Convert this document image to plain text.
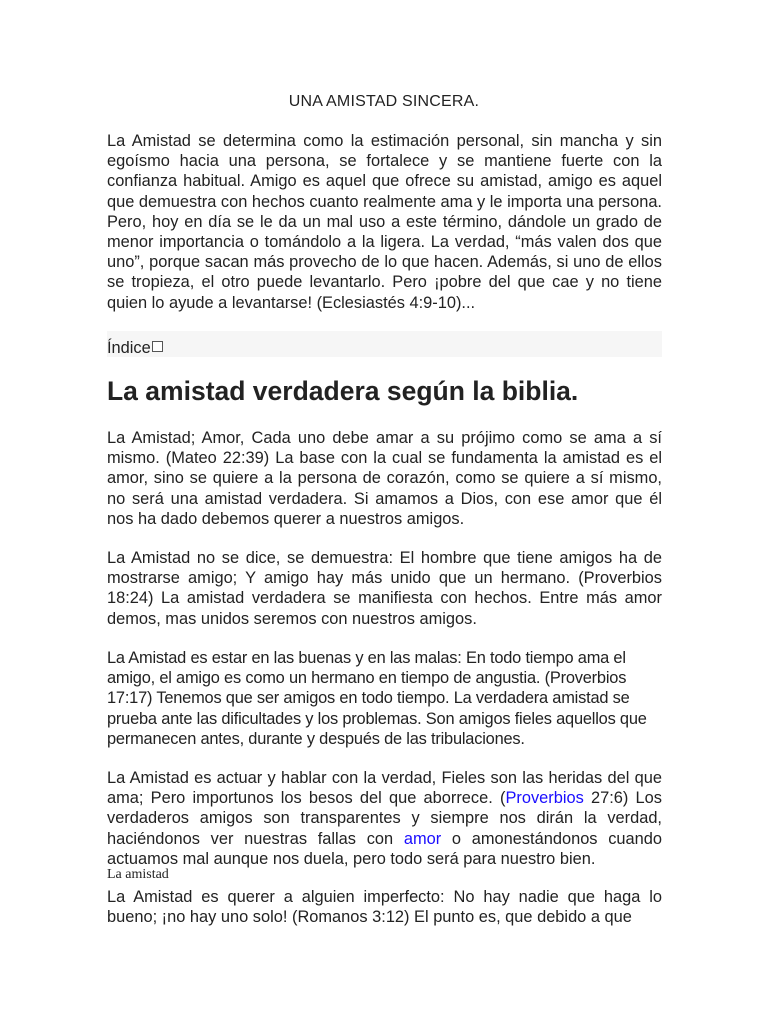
UNA AMISTAD SINCERA.

La Amistad se determina como la estimación personal, sin mancha y sin egoísmo hacia una persona, se fortalece y se mantiene fuerte con la confianza habitual. Amigo es aquel que ofrece su amistad, amigo es aquel que demuestra con hechos cuanto realmente ama y le importa una persona. Pero, hoy en día se le da un mal uso a este término, dándole un grado de menor importancia o tomándolo a la ligera. La verdad, “más valen dos que uno”, porque sacan más provecho de lo que hacen. Además, si uno de ellos se tropieza, el otro puede levantarlo. Pero ¡pobre del que cae y no tiene quien lo ayude a levantarse! (Eclesiastés 4:9-10)...

Índice
La amistad verdadera según la biblia.

La Amistad; Amor, Cada uno debe amar a su prójimo como se ama a sí mismo. (Mateo 22:39) La base con la cual se fundamenta la amistad es el amor, sino se quiere a la persona de corazón, como se quiere a sí mismo, no será una amistad verdadera. Si amamos a Dios, con ese amor que él nos ha dado debemos querer a nuestros amigos.

La Amistad no se dice, se demuestra: El hombre que tiene amigos ha de mostrarse amigo; Y amigo hay más unido que un hermano. (Proverbios 18:24) La amistad verdadera se manifiesta con hechos. Entre más amor demos, mas unidos seremos con nuestros amigos.

La Amistad es estar en las buenas y en las malas: En todo tiempo ama el amigo, el amigo es como un hermano en tiempo de angustia. (Proverbios 17:17) Tenemos que ser amigos en todo tiempo. La verdadera amistad se prueba ante las dificultades y los problemas. Son amigos fieles aquellos que permanecen antes, durante y después de las tribulaciones.

La Amistad es actuar y hablar con la verdad, Fieles son las heridas del que ama; Pero importunos los besos del que aborrece. (Proverbios 27:6) Los verdaderos amigos son transparentes y siempre nos dirán la verdad, haciéndonos ver nuestras fallas con amor o amonestándonos cuando actuamos mal aunque nos duela, pero todo será para nuestro bien.

La amistad

La Amistad es querer a alguien imperfecto: No hay nadie que haga lo bueno; ¡no hay uno solo! (Romanos 3:12) El punto es, que debido a que
